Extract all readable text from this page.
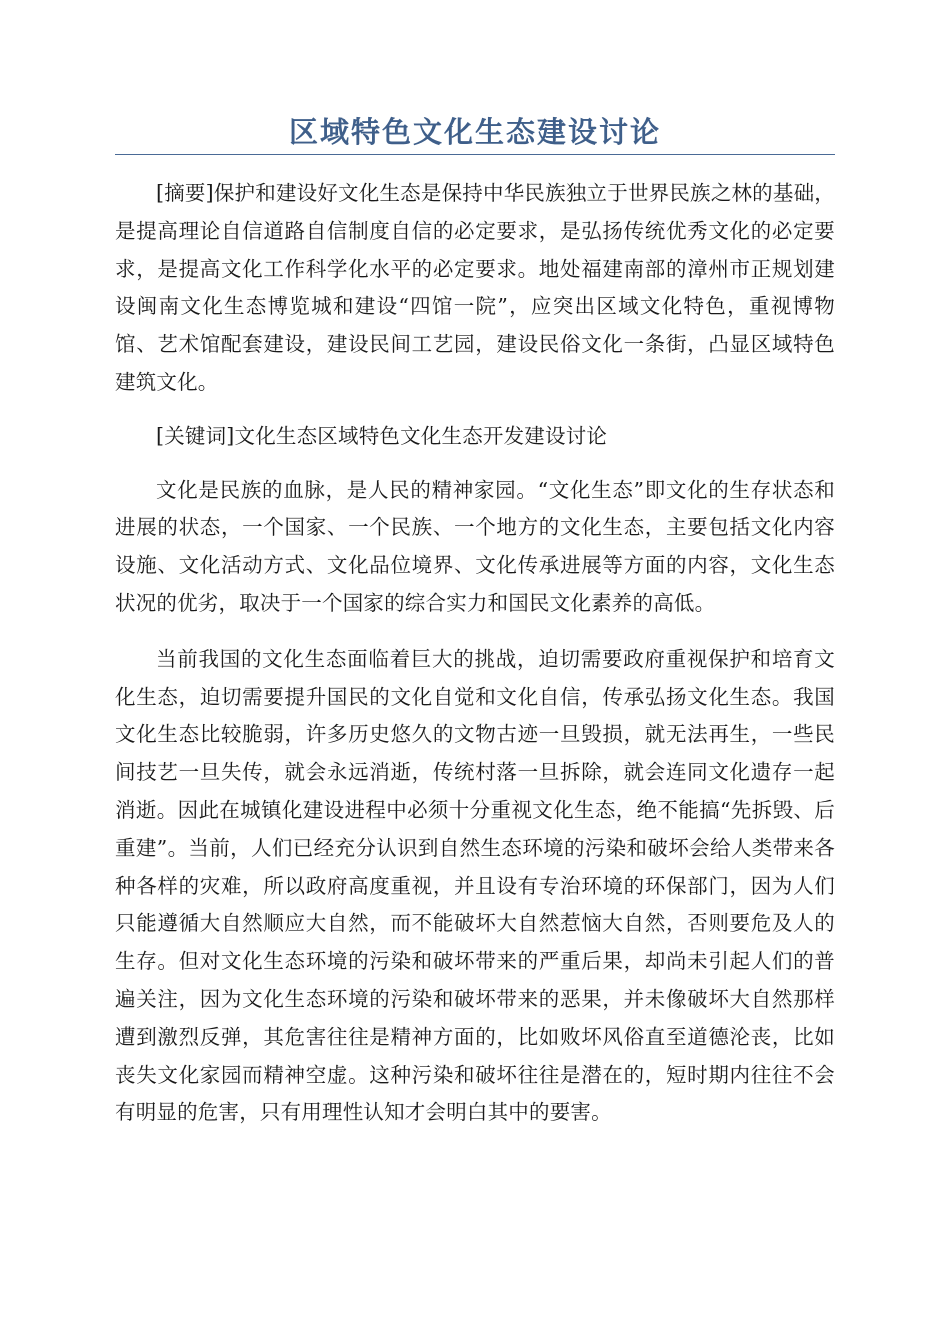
区域特色文化生态建设讨论

[摘要]保护和建设好文化生态是保持中华民族独立于世界民族之林的基础，是提高理论自信道路自信制度自信的必定要求，是弘扬传统优秀文化的必定要求，是提高文化工作科学化水平的必定要求。地处福建南部的漳州市正规划建设闽南文化生态博览城和建设“四馆一院”，应突出区域文化特色，重视博物馆、艺术馆配套建设，建设民间工艺园，建设民俗文化一条街，凸显区域特色建筑文化。

[关键词]文化生态区域特色文化生态开发建设讨论

文化是民族的血脉，是人民的精神家园。“文化生态”即文化的生存状态和进展的状态，一个国家、一个民族、一个地方的文化生态，主要包括文化内容设施、文化活动方式、文化品位境界、文化传承进展等方面的内容，文化生态状况的优劣，取决于一个国家的综合实力和国民文化素养的高低。

当前我国的文化生态面临着巨大的挑战，迫切需要政府重视保护和培育文化生态，迫切需要提升国民的文化自觉和文化自信，传承弘扬文化生态。我国文化生态比较脆弱，许多历史悠久的文物古迹一旦毁损，就无法再生，一些民间技艺一旦失传，就会永远消逝，传统村落一旦拆除，就会连同文化遗存一起消逝。因此在城镇化建设进程中必须十分重视文化生态，绝不能搞“先拆毁、后重建”。当前，人们已经充分认识到自然生态环境的污染和破坏会给人类带来各种各样的灾难，所以政府高度重视，并且设有专治环境的环保部门，因为人们只能遵循大自然顺应大自然，而不能破坏大自然惹恼大自然，否则要危及人的生存。但对文化生态环境的污染和破坏带来的严重后果，却尚未引起人们的普遍关注，因为文化生态环境的污染和破坏带来的恶果，并未像破坏大自然那样遭到激烈反弹，其危害往往是精神方面的，比如败坏风俗直至道德沦丧，比如丧失文化家园而精神空虚。这种污染和破坏往往是潜在的，短时期内往往不会有明显的危害，只有用理性认知才会明白其中的要害。
